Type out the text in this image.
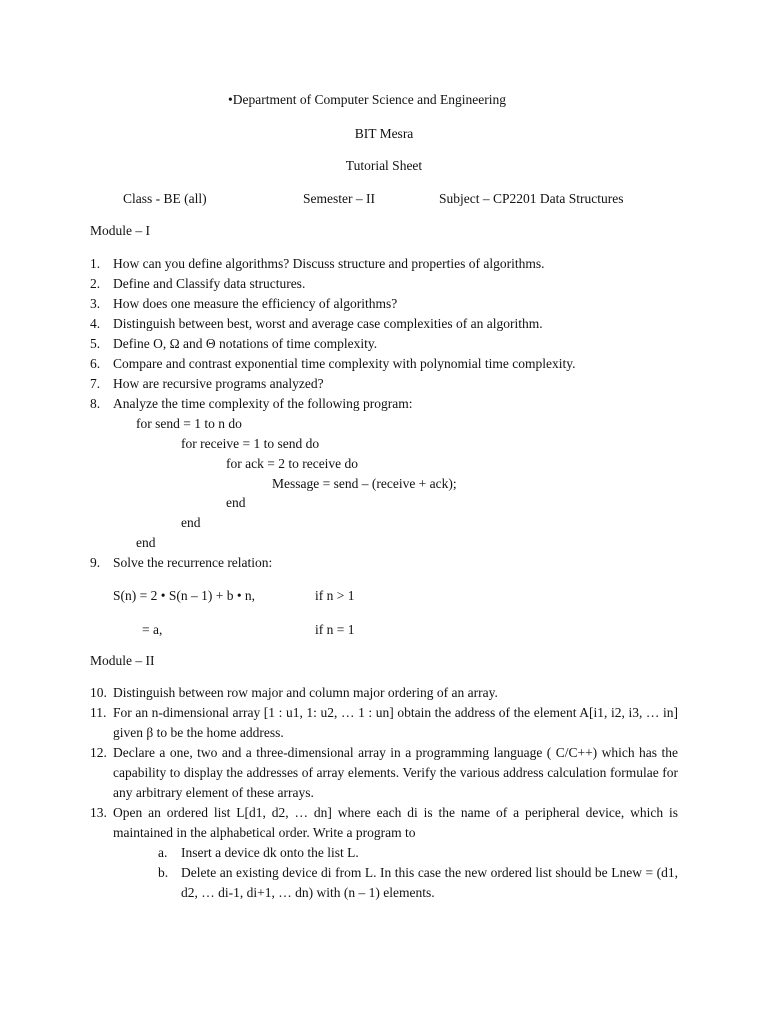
•Department of Computer Science and Engineering
BIT Mesra
Tutorial Sheet
Class - BE (all)	Semester – II	Subject – CP2201 Data Structures
Module – I
1. How can you define algorithms? Discuss structure and properties of algorithms.
2. Define and Classify data structures.
3. How does one measure the efficiency of algorithms?
4. Distinguish between best, worst and average case complexities of an algorithm.
5. Define O, Ω and Θ notations of time complexity.
6. Compare and contrast exponential time complexity with polynomial time complexity.
7. How are recursive programs analyzed?
8. Analyze the time complexity of the following program:
for send = 1 to n do
for receive = 1 to send do
for ack = 2 to receive do
Message = send – (receive + ack);
end
end
end
9. Solve the recurrence relation:
S(n) = 2 • S(n – 1) + b • n,	if n > 1
= a,	if n = 1
Module – II
10. Distinguish between row major and column major ordering of an array.
11. For an n-dimensional array [1 : u1, 1: u2, … 1 : un] obtain the address of the element A[i1, i2, i3, … in] given β to be the home address.
12. Declare a one, two and a three-dimensional array in a programming language ( C/C++) which has the capability to display the addresses of array elements. Verify the various address calculation formulae for any arbitrary element of these arrays.
13. Open an ordered list L[d1, d2, … dn] where each di is the name of a peripheral device, which is maintained in the alphabetical order. Write a program to
a. Insert a device dk onto the list L.
b. Delete an existing device di from L. In this case the new ordered list should be Lnew = (d1, d2, … di-1, di+1, … dn) with (n – 1) elements.
